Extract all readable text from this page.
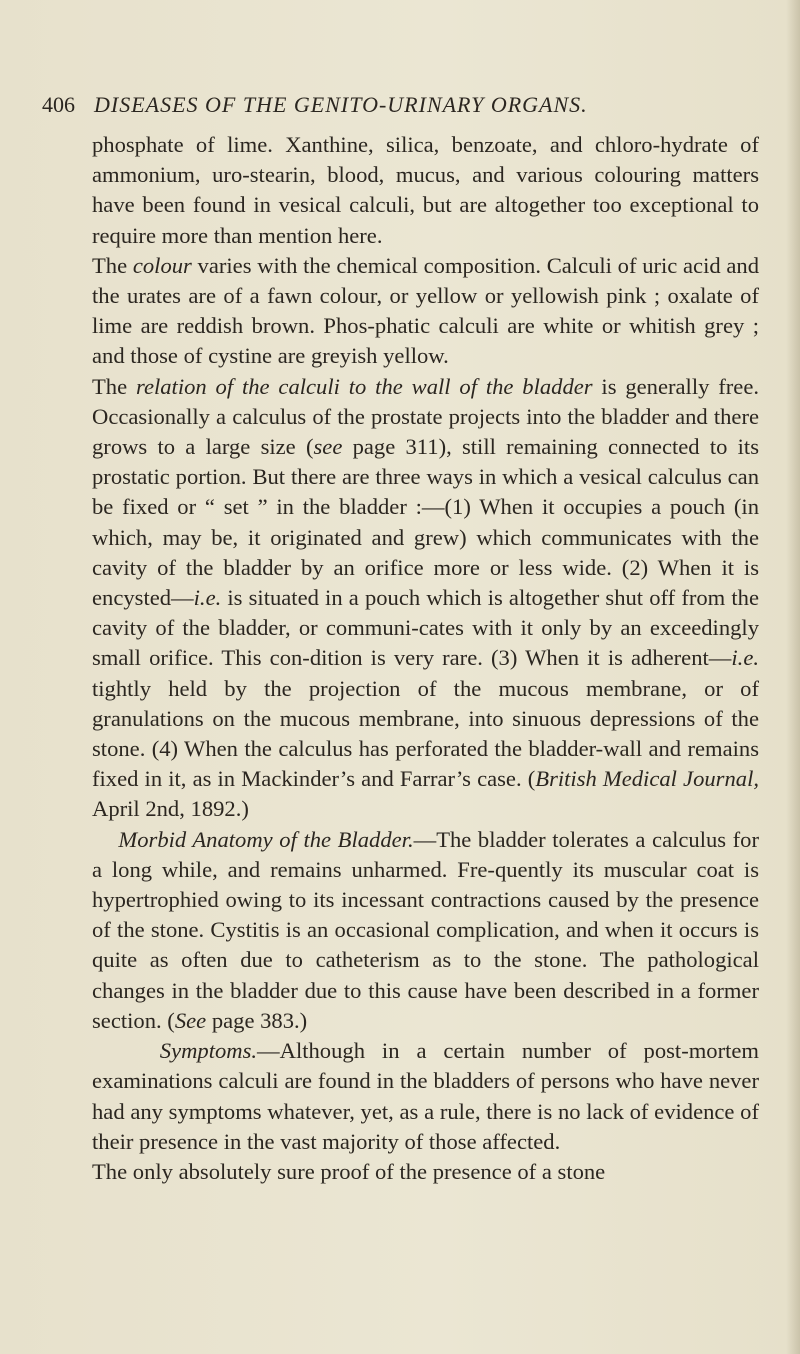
406 DISEASES OF THE GENITO-URINARY ORGANS.

phosphate of lime. Xanthine, silica, benzoate, and chloro-hydrate of ammonium, uro-stearin, blood, mucus, and various colouring matters have been found in vesical calculi, but are altogether too exceptional to require more than mention here.

The colour varies with the chemical composition. Calculi of uric acid and the urates are of a fawn colour, or yellow or yellowish pink ; oxalate of lime are reddish brown. Phos-phatic calculi are white or whitish grey ; and those of cystine are greyish yellow.

The relation of the calculi to the wall of the bladder is generally free. Occasionally a calculus of the prostate projects into the bladder and there grows to a large size (see page 311), still remaining connected to its prostatic portion. But there are three ways in which a vesical calculus can be fixed or “ set ” in the bladder :—(1) When it occupies a pouch (in which, may be, it originated and grew) which communicates with the cavity of the bladder by an orifice more or less wide. (2) When it is encysted—i.e. is situated in a pouch which is altogether shut off from the cavity of the bladder, or communi-cates with it only by an exceedingly small orifice. This con-dition is very rare. (3) When it is adherent—i.e. tightly held by the projection of the mucous membrane, or of granulations on the mucous membrane, into sinuous depressions of the stone. (4) When the calculus has perforated the bladder-wall and remains fixed in it, as in Mackinder’s and Farrar’s case. (British Medical Journal, April 2nd, 1892.)

Morbid Anatomy of the Bladder.—The bladder tolerates a calculus for a long while, and remains unharmed. Fre-quently its muscular coat is hypertrophied owing to its incessant contractions caused by the presence of the stone. Cystitis is an occasional complication, and when it occurs is quite as often due to catheterism as to the stone. The pathological changes in the bladder due to this cause have been described in a former section. (See page 383.)

Symptoms.—Although in a certain number of post-mortem examinations calculi are found in the bladders of persons who have never had any symptoms whatever, yet, as a rule, there is no lack of evidence of their presence in the vast majority of those affected.

The only absolutely sure proof of the presence of a stone
